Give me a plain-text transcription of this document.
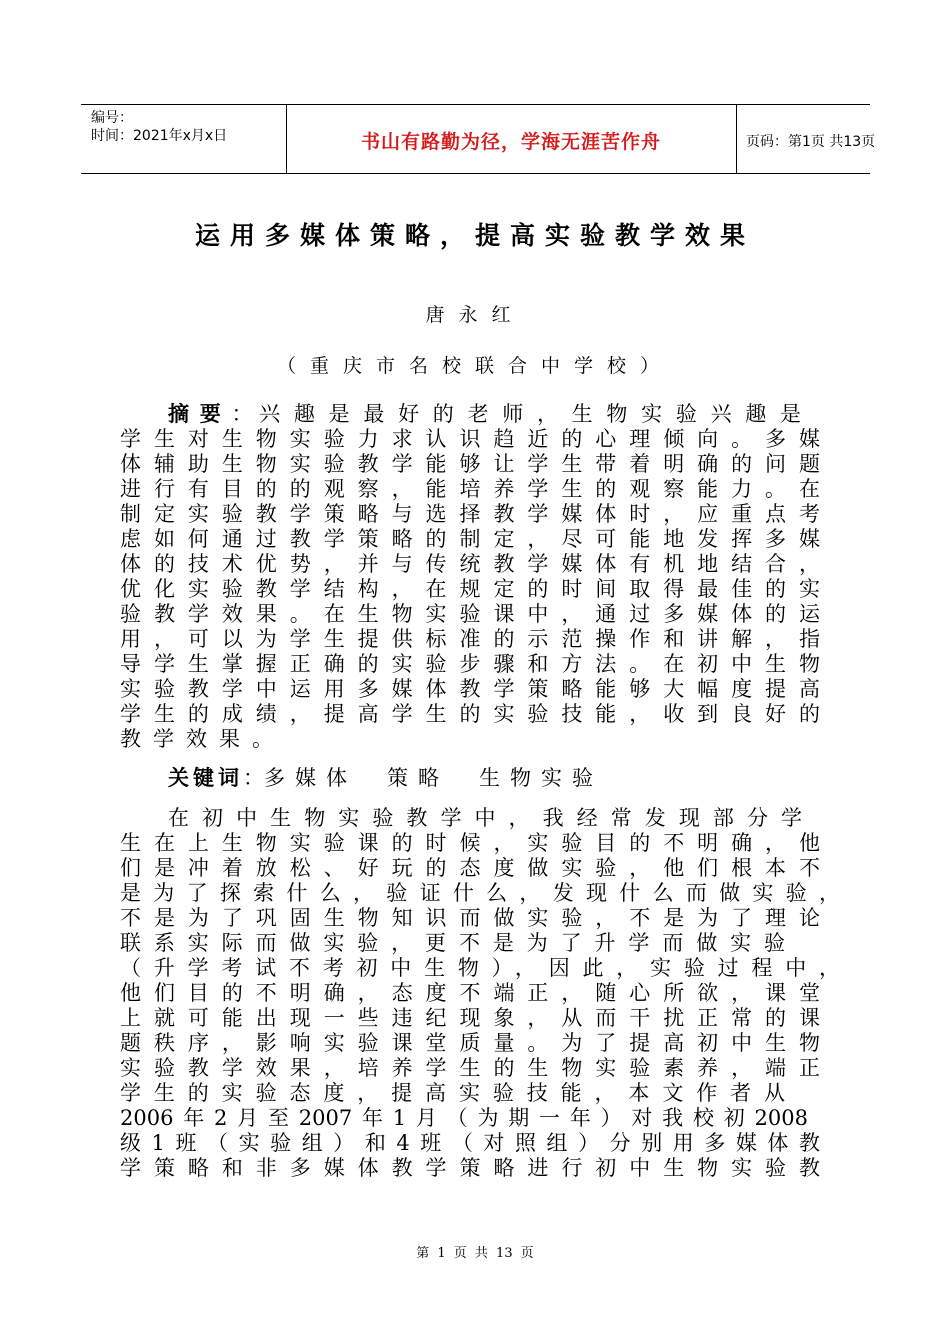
编号：
时间：2021年x月x日	书山有路勤为径，学海无涯苦作舟	页码：第1页 共13页
运用多媒体策略，提高实验教学效果
唐永红
（重庆市名校联合中学校）
摘要：兴趣是最好的老师，生物实验兴趣是
学生对生物实验力求认识趋近的心理倾向。多媒
体辅助生物实验教学能够让学生带着明确的问题
进行有目的的观察，能培养学生的观察能力。在
制定实验教学策略与选择教学媒体时，应重点考
虑如何通过教学策略的制定，尽可能地发挥多媒
体的技术优势，并与传统教学媒体有机地结合，
优化实验教学结构，在规定的时间取得最佳的实
验教学效果。在生物实验课中，通过多媒体的运
用，可以为学生提供标准的示范操作和讲解，指
导学生掌握正确的实验步骤和方法。在初中生物
实验教学中运用多媒体教学策略能够大幅度提高
学生的成绩，提高学生的实验技能，收到良好的
教学效果。
关键词：多媒体 策略 生物实验
在初中生物实验教学中，我经常发现部分学
生在上生物实验课的时候，实验目的不明确，他
们是冲着放松、好玩的态度做实验，他们根本不
是为了探索什么，验证什么，发现什么而做实验，
不是为了巩固生物知识而做实验，不是为了理论
联系实际而做实验，更不是为了升学而做实验
（升学考试不考初中生物），因此，实验过程中，
他们目的不明确，态度不端正，随心所欲，课堂
上就可能出现一些违纪现象，从而干扰正常的课
题秩序，影响实验课堂质量。为了提高初中生物
实验教学效果，培养学生的生物实验素养，端正
学生的实验态度，提高实验技能，本文作者从
2006年2月至2007年1月（为期一年）对我校初2008
级1班（实验组）和4班（对照组）分别用多媒体教
学策略和非多媒体教学策略进行初中生物实验教
第 1 页 共 13 页
